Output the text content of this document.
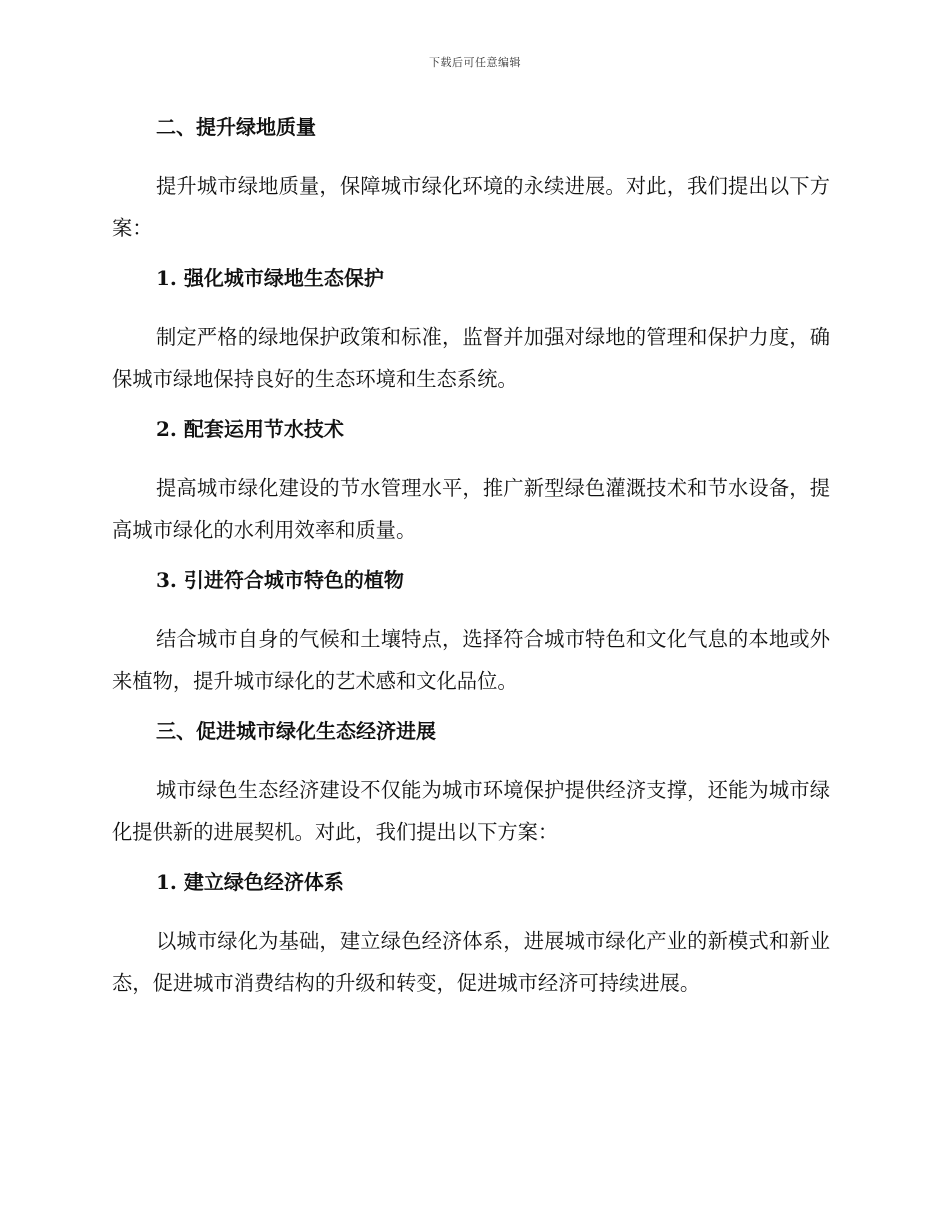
下载后可任意编辑
二、提升绿地质量

提升城市绿地质量，保障城市绿化环境的永续进展。对此，我们提出以下方案：

1. 强化城市绿地生态保护

制定严格的绿地保护政策和标准，监督并加强对绿地的管理和保护力度，确保城市绿地保持良好的生态环境和生态系统。

2. 配套运用节水技术

提高城市绿化建设的节水管理水平，推广新型绿色灌溉技术和节水设备，提高城市绿化的水利用效率和质量。

3. 引进符合城市特色的植物

结合城市自身的气候和土壤特点，选择符合城市特色和文化气息的本地或外来植物，提升城市绿化的艺术感和文化品位。

三、促进城市绿化生态经济进展

城市绿色生态经济建设不仅能为城市环境保护提供经济支撑，还能为城市绿化提供新的进展契机。对此，我们提出以下方案：

1. 建立绿色经济体系

以城市绿化为基础，建立绿色经济体系，进展城市绿化产业的新模式和新业态，促进城市消费结构的升级和转变，促进城市经济可持续进展。
